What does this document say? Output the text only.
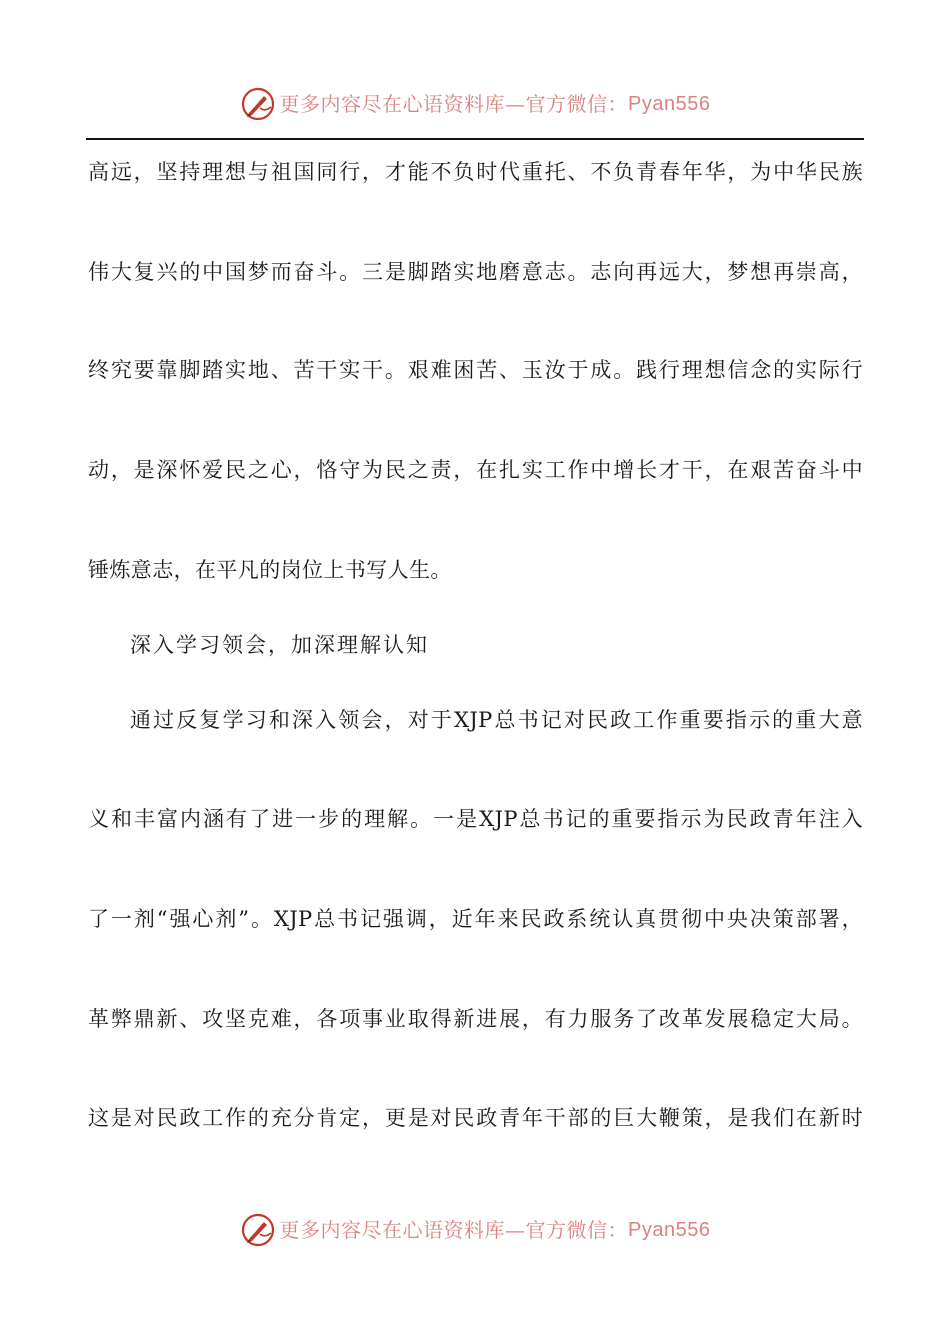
更多内容尽在心语资料库—官方微信： Pyan556
高远，坚持理想与祖国同行，才能不负时代重托、不负青春年华，为中华民族
伟大复兴的中国梦而奋斗。三是脚踏实地磨意志。志向再远大，梦想再崇高，
终究要靠脚踏实地、苦干实干。艰难困苦、玉汝于成。践行理想信念的实际行
动，是深怀爱民之心，恪守为民之责，在扎实工作中增长才干，在艰苦奋斗中
锤炼意志，在平凡的岗位上书写人生。
深入学习领会，加深理解认知
通过反复学习和深入领会，对于XJP总书记对民政工作重要指示的重大意
义和丰富内涵有了进一步的理解。一是XJP总书记的重要指示为民政青年注入
了一剂“强心剂”。XJP总书记强调，近年来民政系统认真贯彻中央决策部署，
革弊鼎新、攻坚克难，各项事业取得新进展，有力服务了改革发展稳定大局。
这是对民政工作的充分肯定，更是对民政青年干部的巨大鞭策，是我们在新时
更多内容尽在心语资料库—官方微信： Pyan556
